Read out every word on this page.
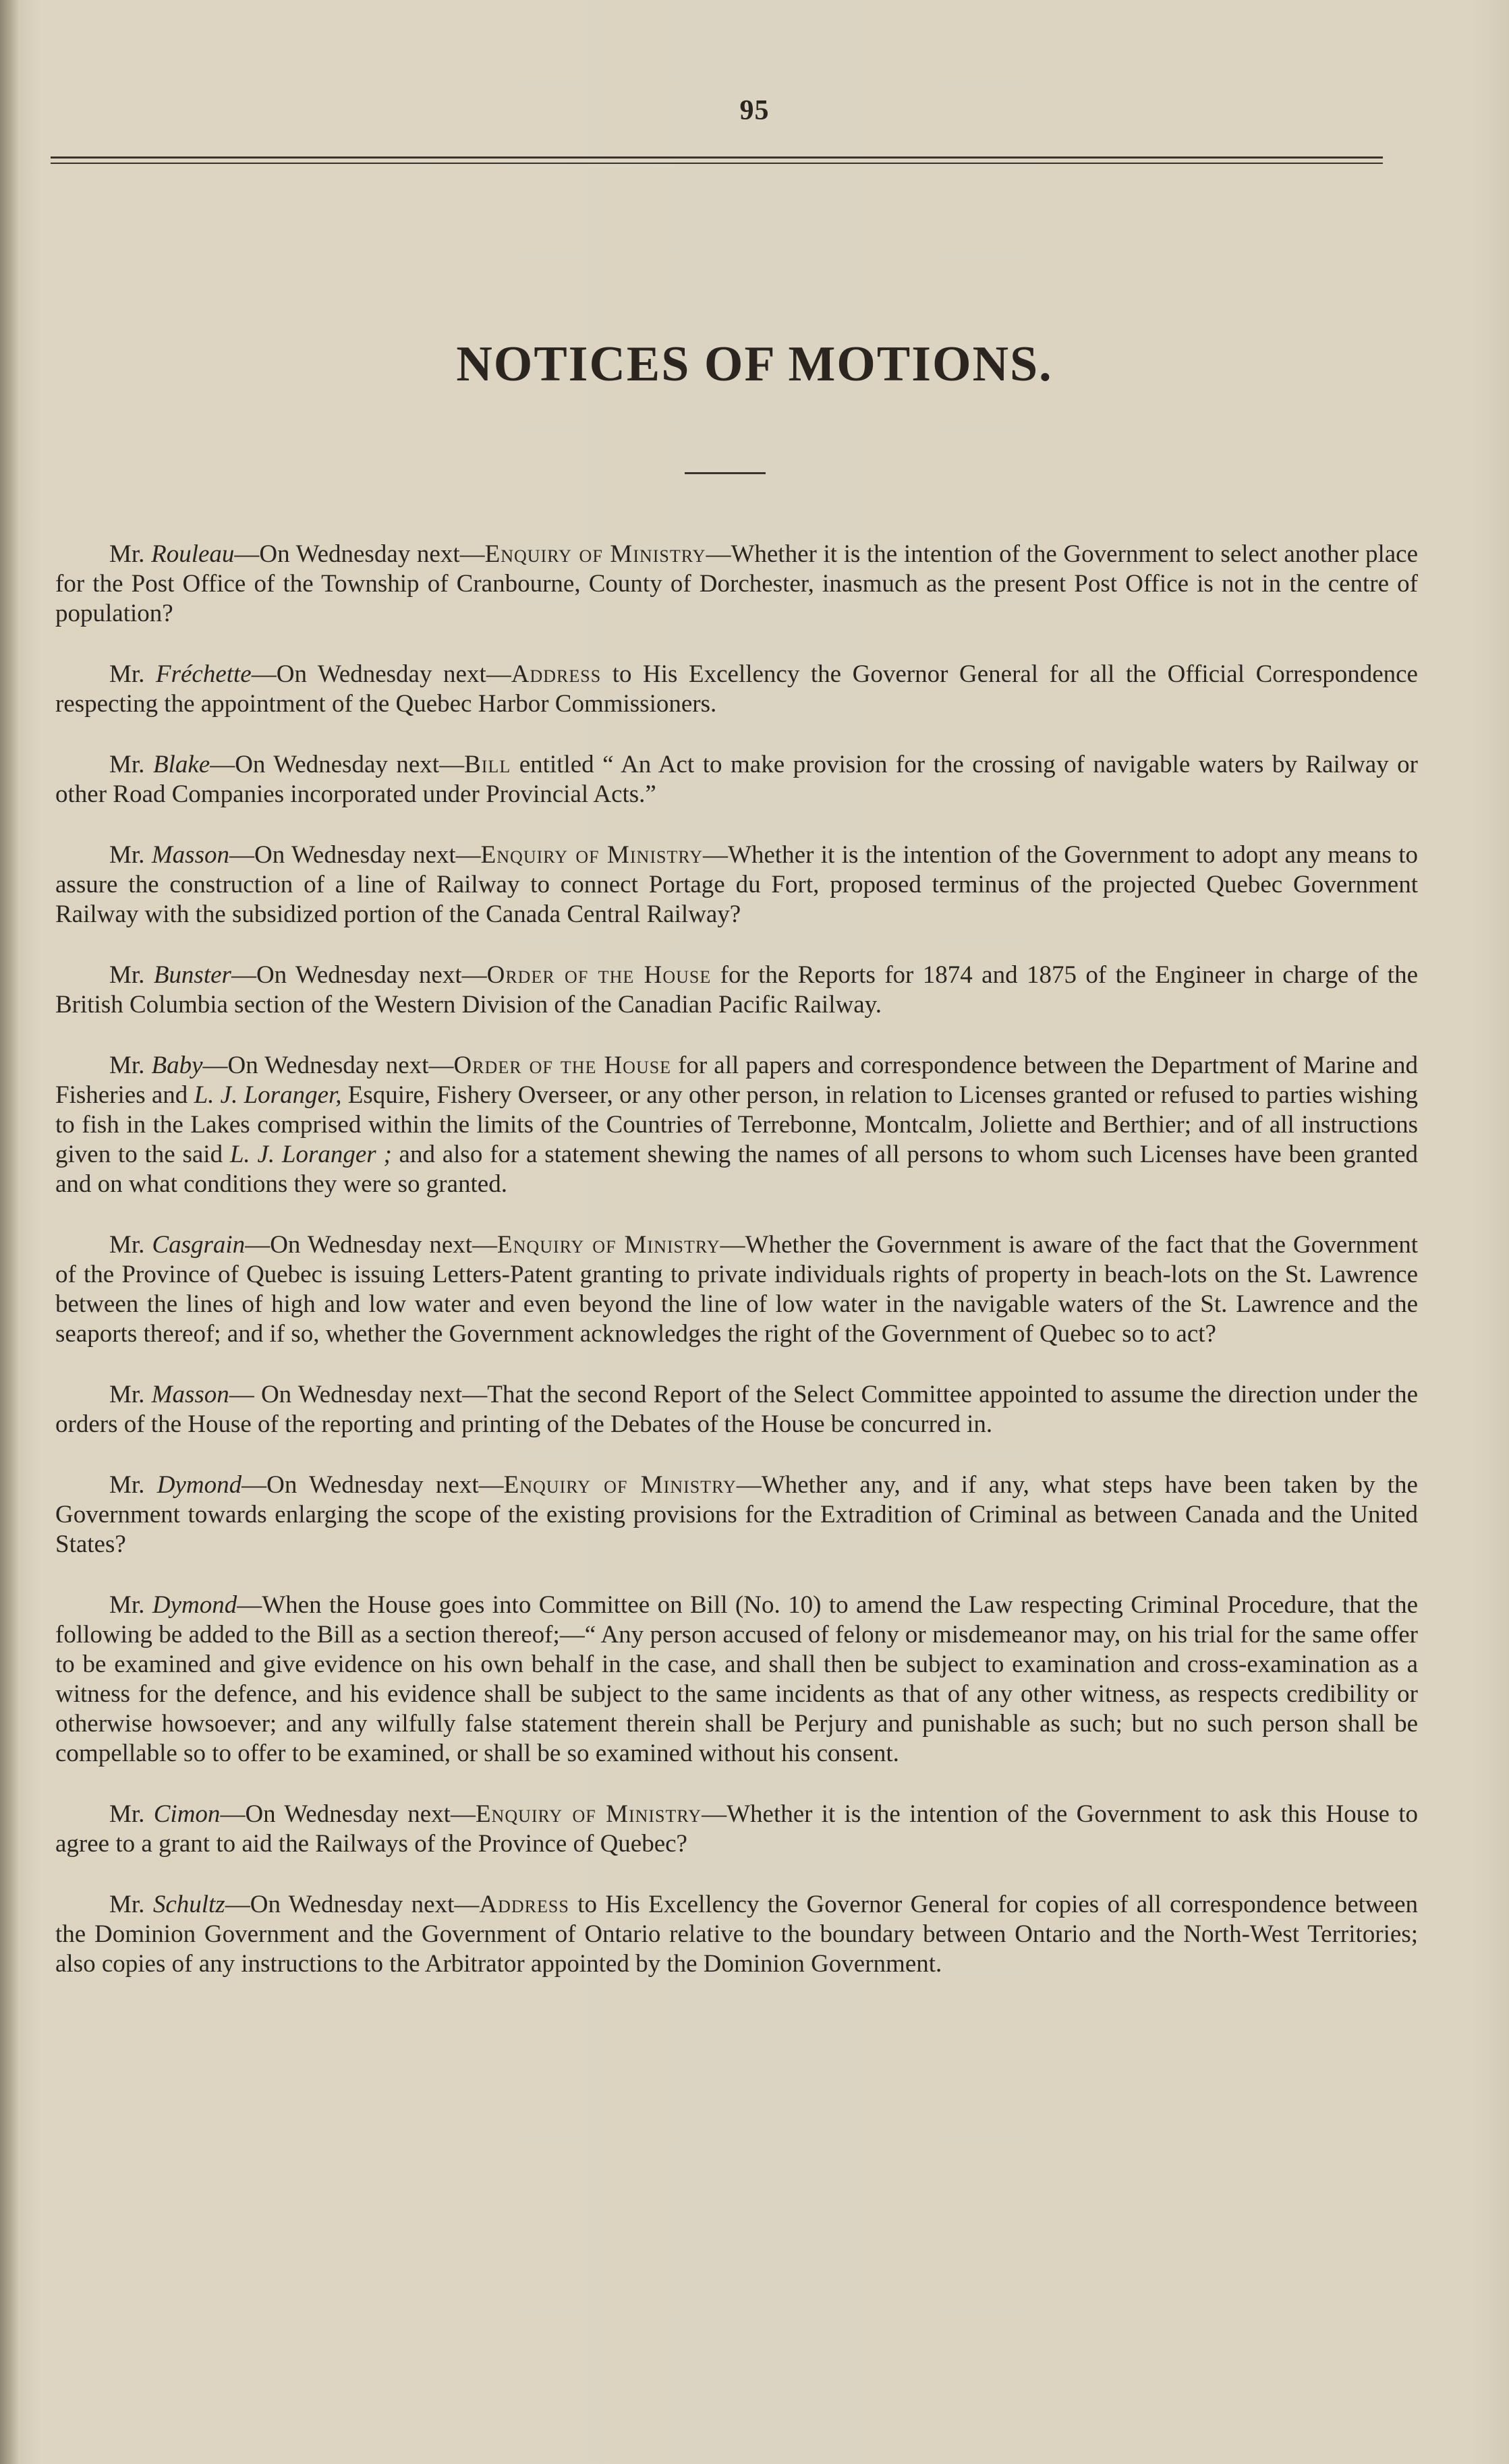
95
NOTICES OF MOTIONS.

Mr. Rouleau—On Wednesday next—Enquiry of Ministry—Whether it is the intention of the Government to select another place for the Post Office of the Township of Cranbourne, County of Dorchester, inasmuch as the present Post Office is not in the centre of population?

Mr. Fréchette—On Wednesday next—Address to His Excellency the Governor General for all the Official Correspondence respecting the appointment of the Quebec Harbor Commissioners.

Mr. Blake—On Wednesday next—Bill entitled “ An Act to make provision for the crossing of navigable waters by Railway or other Road Companies incorporated under Provincial Acts.”

Mr. Masson—On Wednesday next—Enquiry of Ministry—Whether it is the intention of the Government to adopt any means to assure the construction of a line of Railway to connect Portage du Fort, proposed terminus of the projected Quebec Government Railway with the subsidized portion of the Canada Central Railway?

Mr. Bunster—On Wednesday next—Order of the House for the Reports for 1874 and 1875 of the Engineer in charge of the British Columbia section of the Western Division of the Canadian Pacific Railway.

Mr. Baby—On Wednesday next—Order of the House for all papers and correspondence between the Department of Marine and Fisheries and L. J. Loranger, Esquire, Fishery Overseer, or any other person, in relation to Licenses granted or refused to parties wishing to fish in the Lakes comprised within the limits of the Countries of Terrebonne, Montcalm, Joliette and Berthier; and of all instructions given to the said L. J. Loranger ; and also for a statement shewing the names of all persons to whom such Licenses have been granted and on what conditions they were so granted.

Mr. Casgrain—On Wednesday next—Enquiry of Ministry—Whether the Government is aware of the fact that the Government of the Province of Quebec is issuing Letters-Patent granting to private individuals rights of property in beach-lots on the St. Lawrence between the lines of high and low water and even beyond the line of low water in the navigable waters of the St. Lawrence and the seaports thereof; and if so, whether the Government acknowledges the right of the Government of Quebec so to act?

Mr. Masson— On Wednesday next—That the second Report of the Select Committee appointed to assume the direction under the orders of the House of the reporting and printing of the Debates of the House be concurred in.

Mr. Dymond—On Wednesday next—Enquiry of Ministry—Whether any, and if any, what steps have been taken by the Government towards enlarging the scope of the existing provisions for the Extradition of Criminal as between Canada and the United States?

Mr. Dymond—When the House goes into Committee on Bill (No. 10) to amend the Law respecting Criminal Procedure, that the following be added to the Bill as a section thereof;—“ Any person accused of felony or misdemeanor may, on his trial for the same offer to be examined and give evidence on his own behalf in the case, and shall then be subject to examination and cross-examination as a witness for the defence, and his evidence shall be subject to the same incidents as that of any other witness, as respects credibility or otherwise howsoever; and any wilfully false statement therein shall be Perjury and punishable as such; but no such person shall be compellable so to offer to be examined, or shall be so examined without his consent.

Mr. Cimon—On Wednesday next—Enquiry of Ministry—Whether it is the intention of the Government to ask this House to agree to a grant to aid the Railways of the Province of Quebec?

Mr. Schultz—On Wednesday next—Address to His Excellency the Governor General for copies of all correspondence between the Dominion Government and the Government of Ontario relative to the boundary between Ontario and the North-West Territories; also copies of any instructions to the Arbitrator appointed by the Dominion Government.
